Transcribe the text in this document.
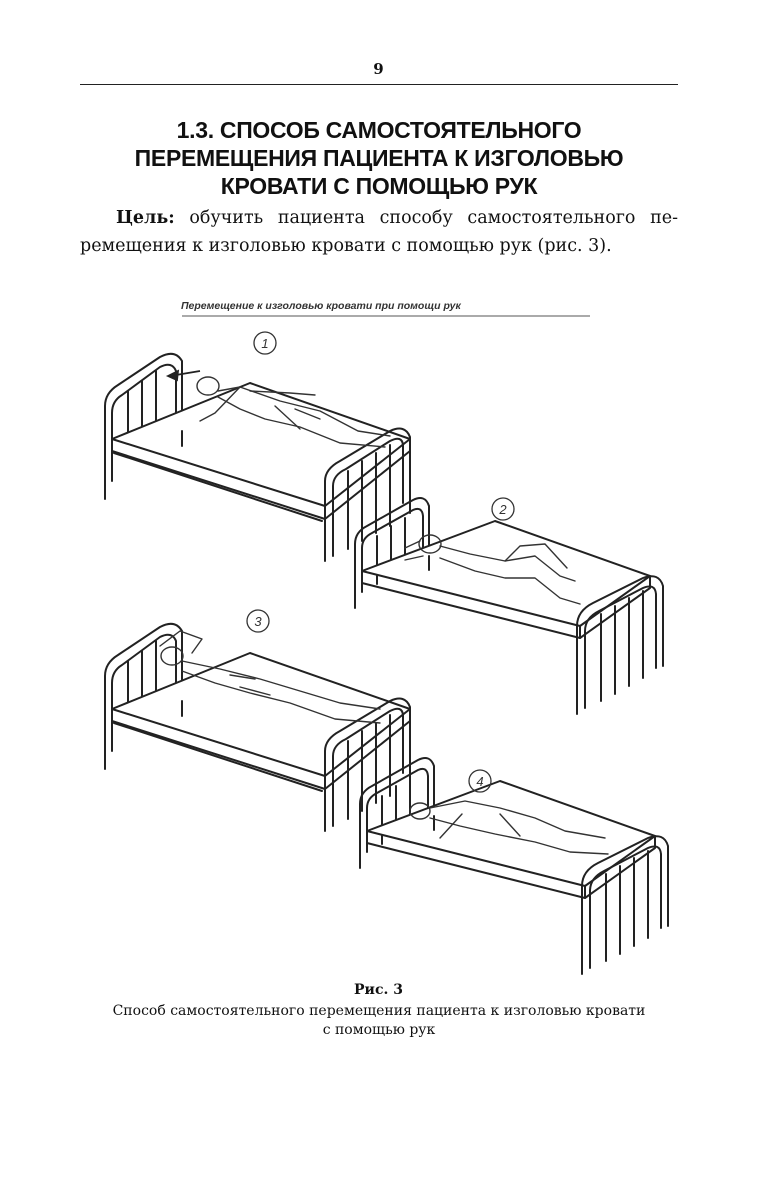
9
1.3. СПОСОБ САМОСТОЯТЕЛЬНОГО
ПЕРЕМЕЩЕНИЯ ПАЦИЕНТА К ИЗГОЛОВЬЮ
КРОВАТИ С ПОМОЩЬЮ РУК
Цель: обучить пациента способу самостоятельного пе-
ремещения к изголовью кровати с помощью рук (рис. 3).
Перемещение к изголовью кровати при помощи рук
1
2
3
4
Рис. 3
Способ самостоятельного перемещения пациента к изголовью кровати
с помощью рук
